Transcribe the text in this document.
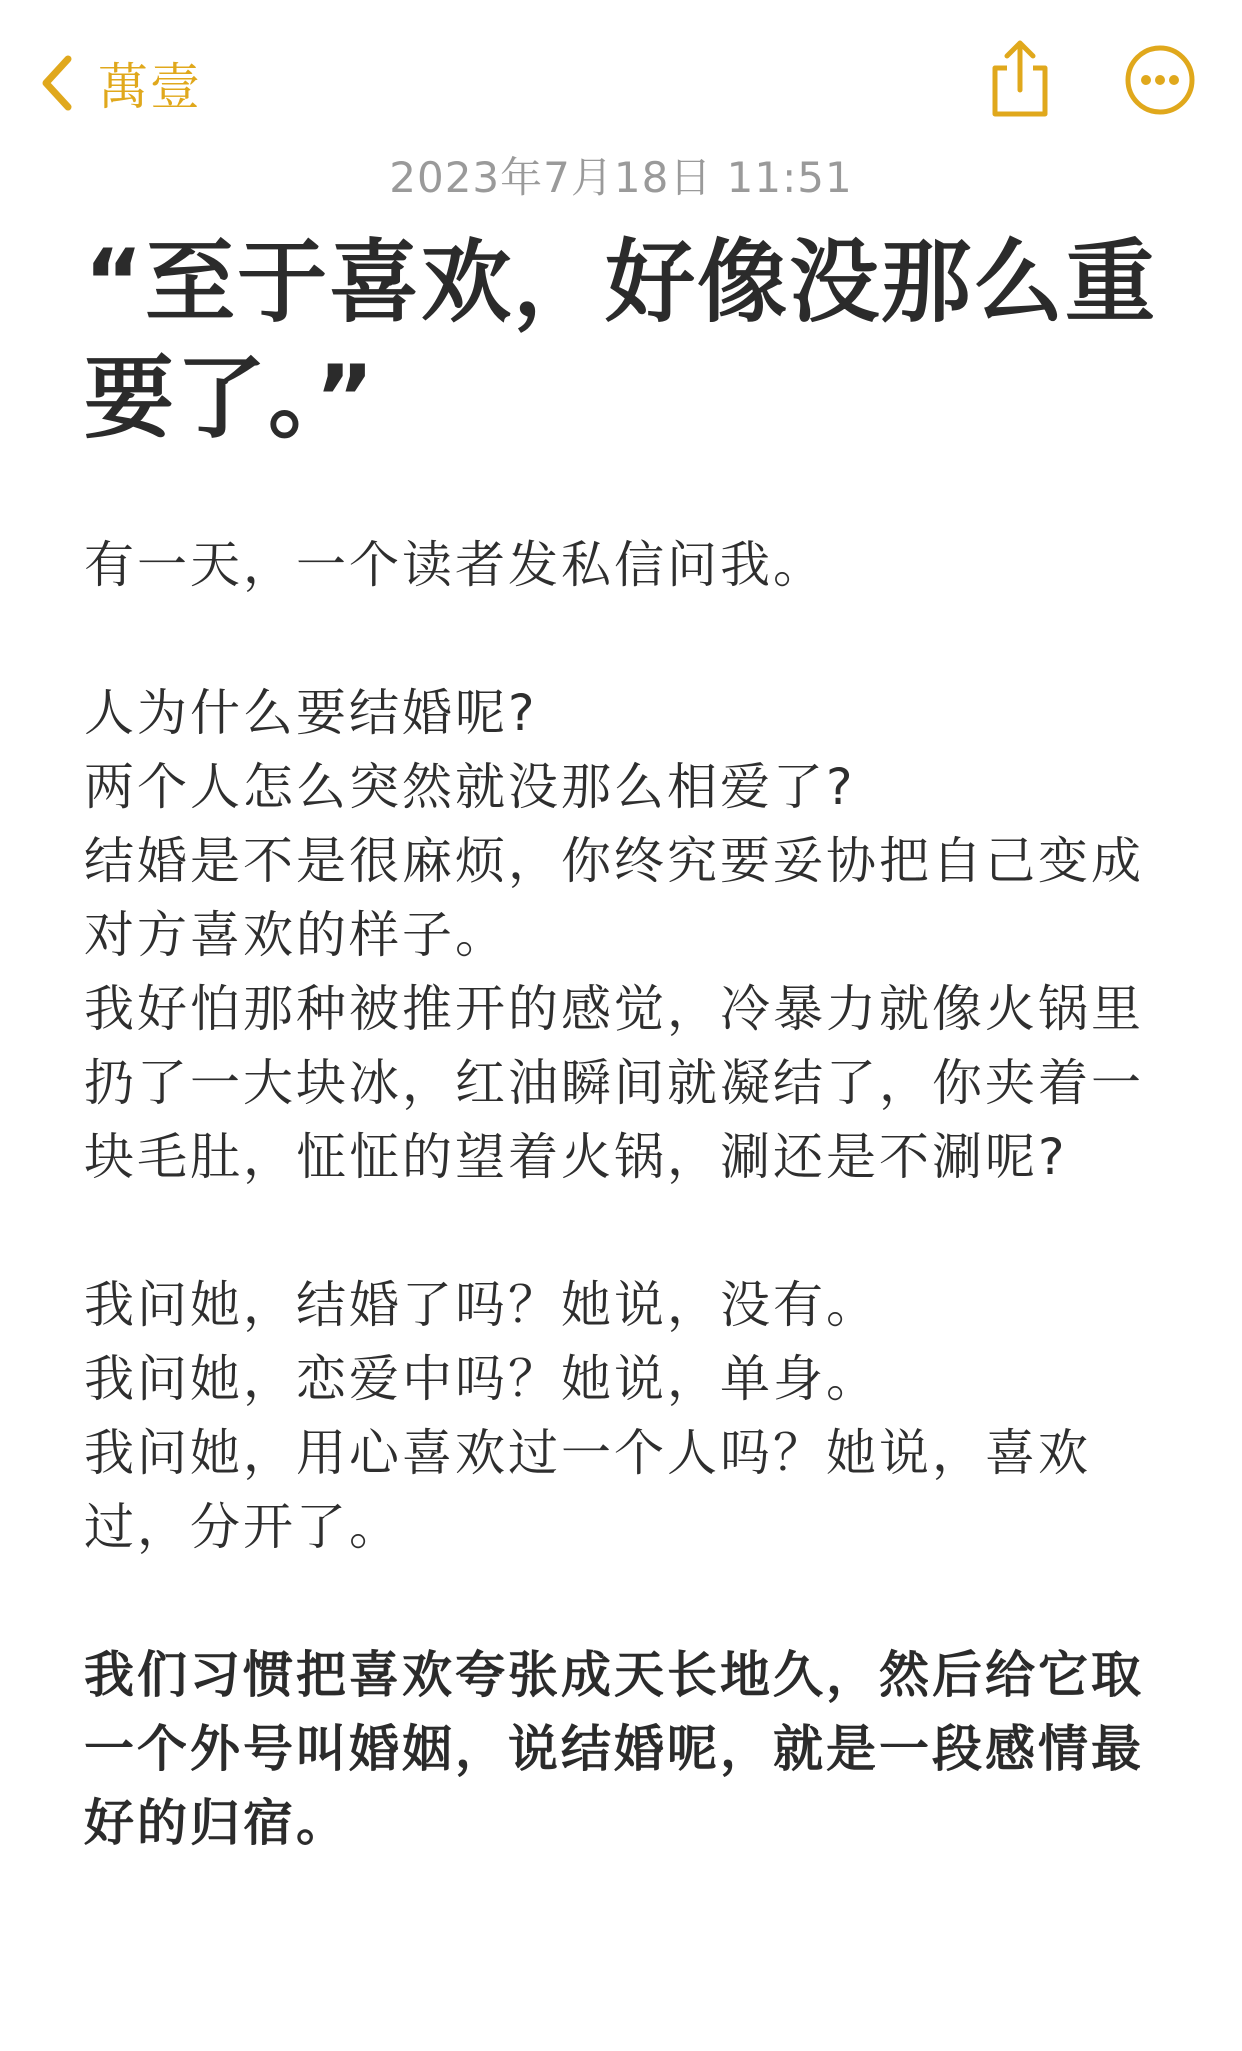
萬壹
2023年7月18日 11:51
“至于喜欢，好像没那么重要了。”

有一天，一个读者发私信问我。

人为什么要结婚呢?
两个人怎么突然就没那么相爱了?
结婚是不是很麻烦，你终究要妥协把自己变成
对方喜欢的样子。
我好怕那种被推开的感觉，冷暴力就像火锅里
扔了一大块冰，红油瞬间就凝结了，你夹着一
块毛肚，怔怔的望着火锅，涮还是不涮呢?

我问她，结婚了吗？她说，没有。
我问她，恋爱中吗？她说，单身。
我问她，用心喜欢过一个人吗？她说，喜欢
过，分开了。

我们习惯把喜欢夸张成天长地久，然后给它取
一个外号叫婚姻，说结婚呢，就是一段感情最
好的归宿。
